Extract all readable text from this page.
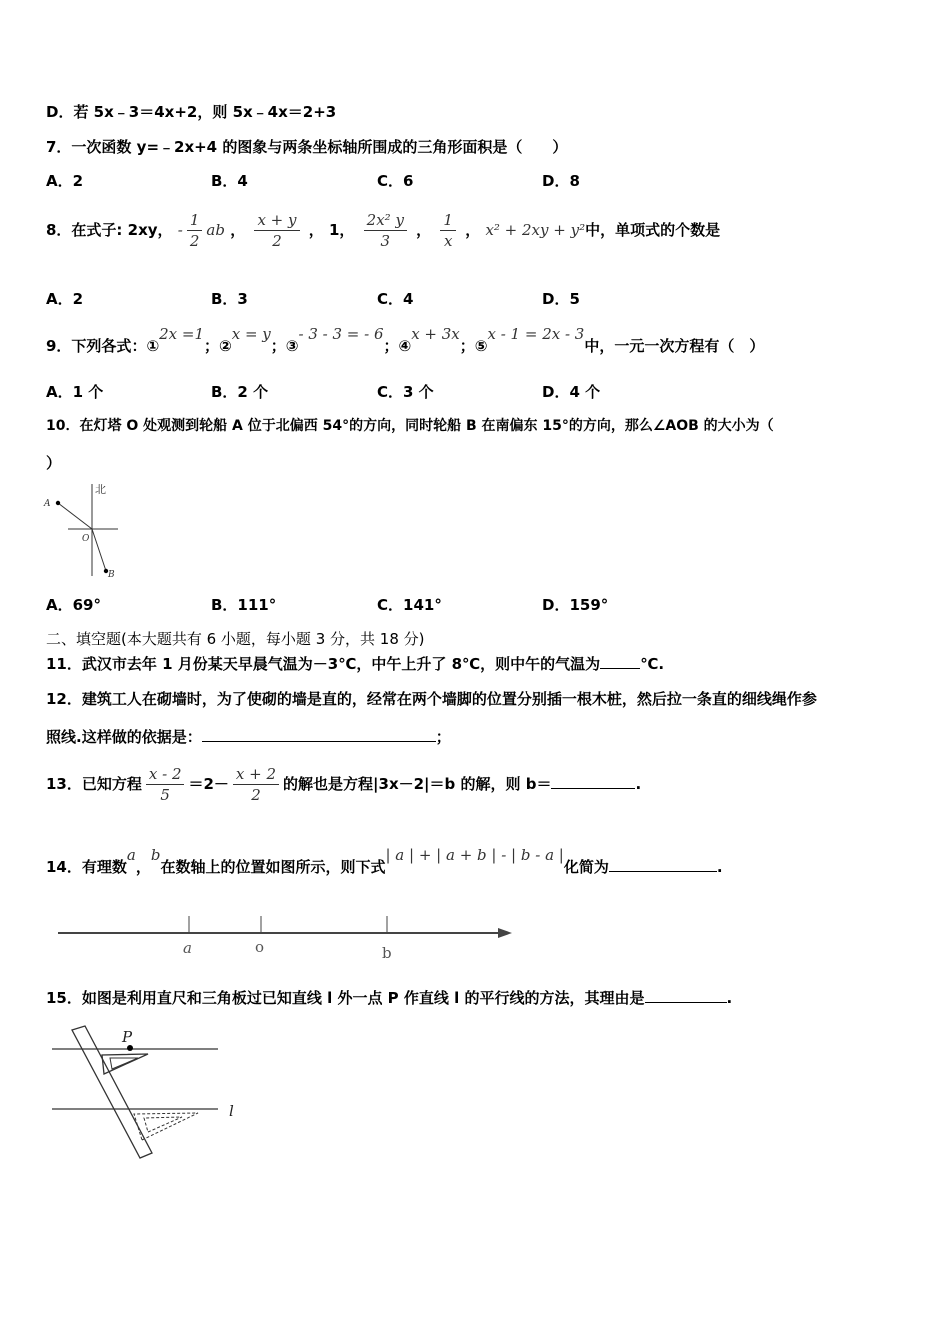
D．若 5x﹣3＝4x+2，则 5x﹣4x＝2+3
7．一次函数 y=﹣2x+4 的图象与两条坐标轴所围成的三角形面积是（　　）
A．2	B．4	C．6	D．8
8．在式子: 2xy， - $\frac{1}{2}$ ab ， $\frac{x + y}{2}$ ， 1， $\frac{\text{2x² y}}{3}$ ， $\frac{1}{x}$ ， x² + 2xy + y²中，单项式的个数是
A．2	B．3	C．4	D．5
9．下列各式：①2x =1；②x = y；③- 3 - 3 = - 6；④x + 3x；⑤x - 1 = 2x - 3中，一元一次方程有（　）
A．1 个	B．2 个	C．3 个	D．4 个
10．在灯塔 O 处观测到轮船 A 位于北偏西 54°的方向，同时轮船 B 在南偏东 15°的方向，那么∠AOB 的大小为（
）
北
A
O
B
A．69°	B．111°	C．141°	D．159°
二、填空题(本大题共有 6 小题，每小题 3 分，共 18 分)
11．武汉市去年 1 月份某天早晨气温为－3℃，中午上升了 8℃，则中午的气温为	℃.
12．建筑工人在砌墙时，为了使砌的墙是直的，经常在两个墙脚的位置分别插一根木桩，然后拉一条直的细线绳作参
照线.这样做的依据是：	；
13．已知方程 $\frac{x - 2}{5} =2- \frac{x + 2}{2}$ 的解也是方程|3x－2|＝b 的解，则 b＝	.
14．有理数a，b在数轴上的位置如图所示，则下式| a | + | a + b | - | b - a |化简为	.
a	o	b
15．如图是利用直尺和三角板过已知直线 l 外一点 P 作直线 l 的平行线的方法，其理由是	.
P
l
